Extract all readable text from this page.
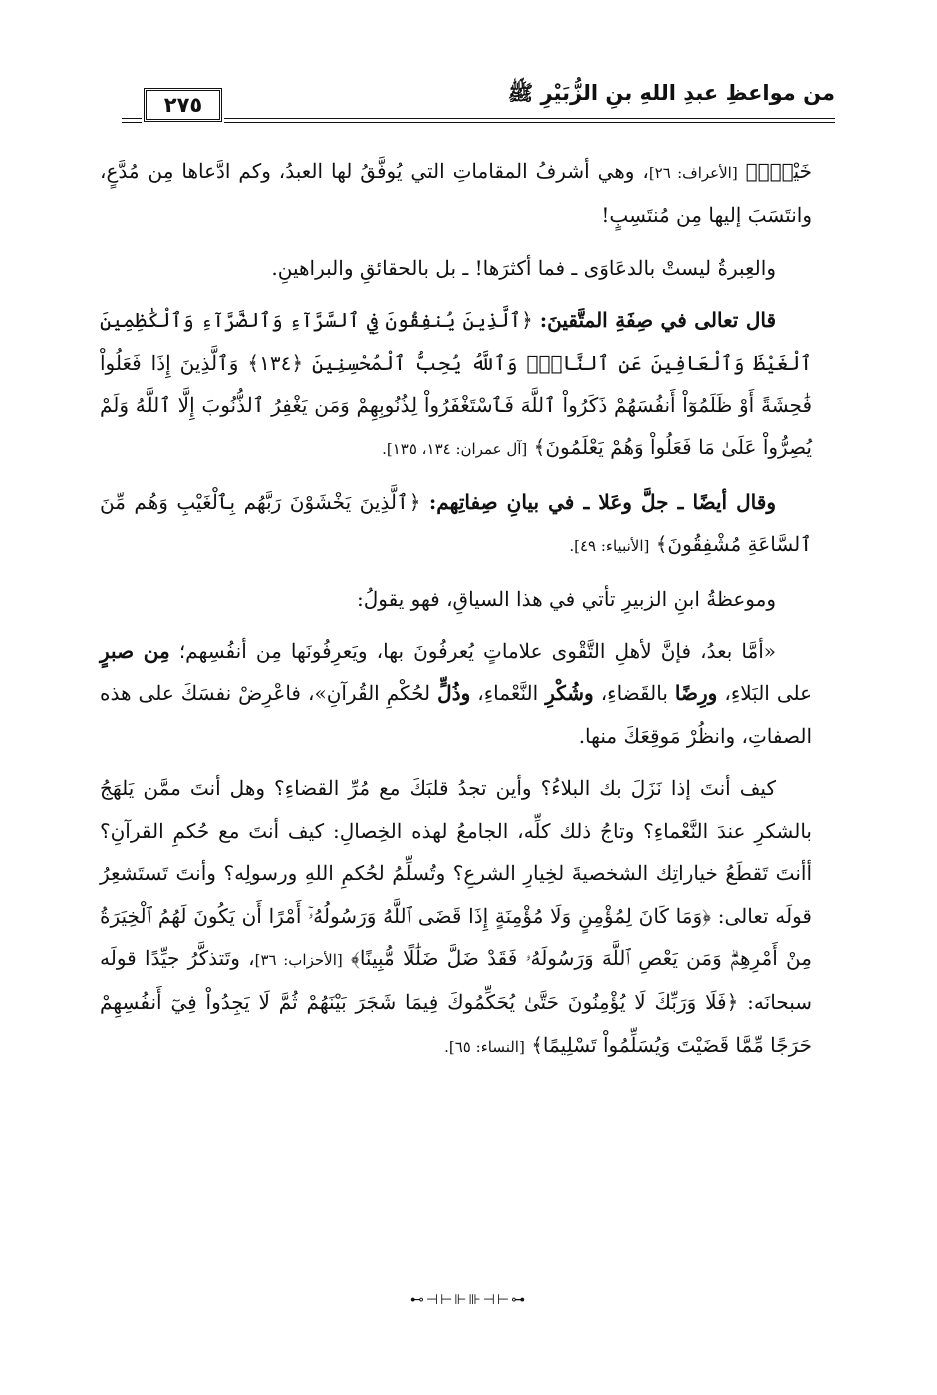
من مواعظِ عبدِ اللهِ بنِ الزُّبَيْرِ ﷺ
٢٧٥

خَيْرٌۚ﴾ [الأعراف: ٢٦]، وهي أشرفُ المقاماتِ التي يُوفَّقُ لها العبدُ، وكم ادَّعاها مِن مُدَّعٍ، وانتَسَبَ إليها مِن مُنتَسِبٍ!

والعِبرةُ ليستْ بالدعَاوَى ـ فما أكثرَها! ـ بل بالحقائقِ والبراهينِ.

قال تعالى في صِفَةِ المتَّقينَ: ﴿ٱلَّذِينَ يُنفِقُونَ فِي ٱلسَّرَّآءِ وَٱلضَّرَّآءِ وَٱلْكَٰظِمِينَ ٱلْغَيْظَ وَٱلْعَافِينَ عَنِ ٱلنَّاسِۗ وَٱللَّهُ يُحِبُّ ٱلْمُحْسِنِينَ ﴿١٣٤﴾ وَٱلَّذِينَ إِذَا فَعَلُواْ فَٰحِشَةً أَوْ ظَلَمُوٓاْ أَنفُسَهُمْ ذَكَرُواْ ٱللَّهَ فَٱسْتَغْفَرُواْ لِذُنُوبِهِمْ وَمَن يَغْفِرُ ٱلذُّنُوبَ إِلَّا ٱللَّهُ وَلَمْ يُصِرُّواْ عَلَىٰ مَا فَعَلُواْ وَهُمْ يَعْلَمُونَ﴾ [آل عمران: ١٣٤، ١٣٥].

وقال أيضًا ـ جلَّ وعَلا ـ في بيانِ صِفاتِهم: ﴿ٱلَّذِينَ يَخْشَوْنَ رَبَّهُم بِٱلْغَيْبِ وَهُم مِّنَ ٱلسَّاعَةِ مُشْفِقُونَ﴾ [الأنبياء: ٤٩].

وموعظةُ ابنِ الزبيرِ تأتي في هذا السياقِ، فهو يقولُ:

«أمَّا بعدُ، فإنَّ لأهلِ التَّقْوى علاماتٍ يُعرفُونَ بها، ويَعرِفُونَها مِن أنفُسِهم؛ مِن صبرٍ على البَلاءِ، ورِضًا بالقَضاءِ، وشُكْرِ النَّعْماءِ، وذُلٍّ لحُكْمِ القُرآنِ»، فاعْرِضْ نفسَكَ على هذه الصفاتِ، وانظُرْ مَوقِعَكَ منها.

كيف أنتَ إذا نَزَلَ بك البلاءُ؟ وأين تجدُ قلبَكَ مع مُرِّ القضاءِ؟ وهل أنتَ ممَّن يَلهَجُ بالشكرِ عندَ النَّعْماءِ؟ وتاجُ ذلك كلِّه، الجامعُ لهذه الخِصالِ: كيف أنتَ مع حُكمِ القرآنِ؟ أأنتَ تَقطَعُ خياراتِك الشخصيةَ لخِيارِ الشرعِ؟ وتُسلِّمُ لحُكمِ اللهِ ورسولِه؟ وأنتَ تَستَشعِرُ قولَه تعالى: ﴿وَمَا كَانَ لِمُؤْمِنٍ وَلَا مُؤْمِنَةٍ إِذَا قَضَى ٱللَّهُ وَرَسُولُهُۥٓ أَمْرًا أَن يَكُونَ لَهُمُ ٱلْخِيَرَةُ مِنْ أَمْرِهِمْۗ وَمَن يَعْصِ ٱللَّهَ وَرَسُولَهُۥ فَقَدْ ضَلَّ ضَلَٰلًا مُّبِينًا﴾ [الأحزاب: ٣٦]، وتَتذكَّرُ جيِّدًا قولَه سبحانَه: ﴿فَلَا وَرَبِّكَ لَا يُؤْمِنُونَ حَتَّىٰ يُحَكِّمُوكَ فِيمَا شَجَرَ بَيْنَهُمْ ثُمَّ لَا يَجِدُواْ فِيٓ أَنفُسِهِمْ حَرَجًا مِّمَّا قَضَيْتَ وَيُسَلِّمُواْ تَسْلِيمًا﴾ [النساء: ٦٥].

⊷⊣⊢⊩⊪⊣⊢⊶
